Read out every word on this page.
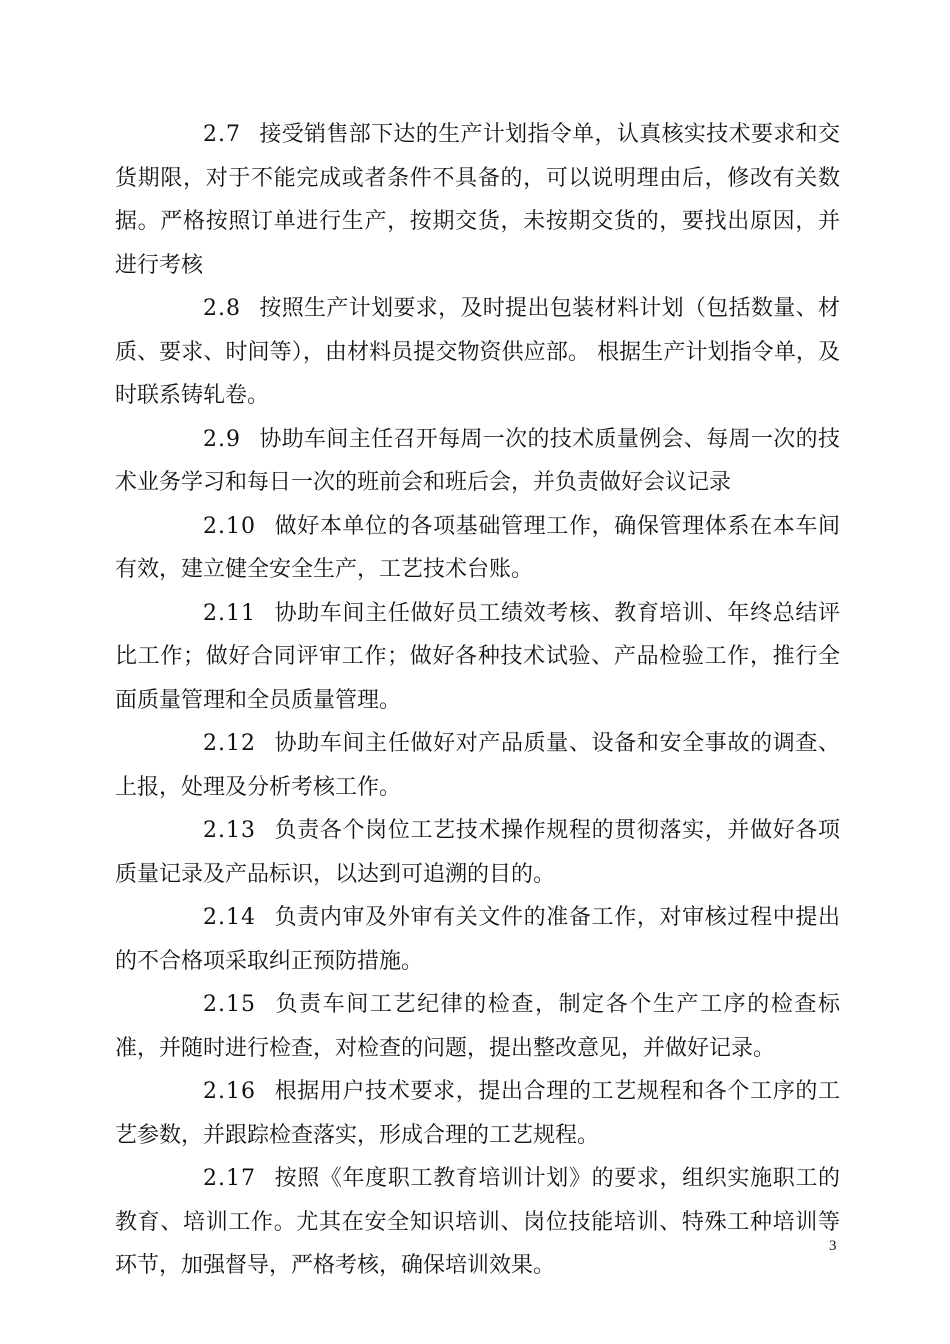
2.7 接受销售部下达的生产计划指令单，认真核实技术要求和交货期限，对于不能完成或者条件不具备的，可以说明理由后，修改有关数据。严格按照订单进行生产，按期交货，未按期交货的，要找出原因，并进行考核

2.8 按照生产计划要求，及时提出包装材料计划（包括数量、材质、要求、时间等），由材料员提交物资供应部。 根据生产计划指令单，及时联系铸轧卷。

2.9 协助车间主任召开每周一次的技术质量例会、每周一次的技术业务学习和每日一次的班前会和班后会，并负责做好会议记录

2.10 做好本单位的各项基础管理工作，确保管理体系在本车间有效，建立健全安全生产，工艺技术台账。

2.11 协助车间主任做好员工绩效考核、教育培训、年终总结评比工作；做好合同评审工作；做好各种技术试验、产品检验工作，推行全面质量管理和全员质量管理。

2.12 协助车间主任做好对产品质量、设备和安全事故的调查、上报，处理及分析考核工作。

2.13 负责各个岗位工艺技术操作规程的贯彻落实，并做好各项质量记录及产品标识，以达到可追溯的目的。

2.14 负责内审及外审有关文件的准备工作，对审核过程中提出的不合格项采取纠正预防措施。

2.15 负责车间工艺纪律的检查，制定各个生产工序的检查标准，并随时进行检查，对检查的问题，提出整改意见，并做好记录。

2.16 根据用户技术要求，提出合理的工艺规程和各个工序的工艺参数，并跟踪检查落实，形成合理的工艺规程。

2.17 按照《年度职工教育培训计划》的要求，组织实施职工的教育、培训工作。尤其在安全知识培训、岗位技能培训、特殊工种培训等环节，加强督导，严格考核，确保培训效果。

3
